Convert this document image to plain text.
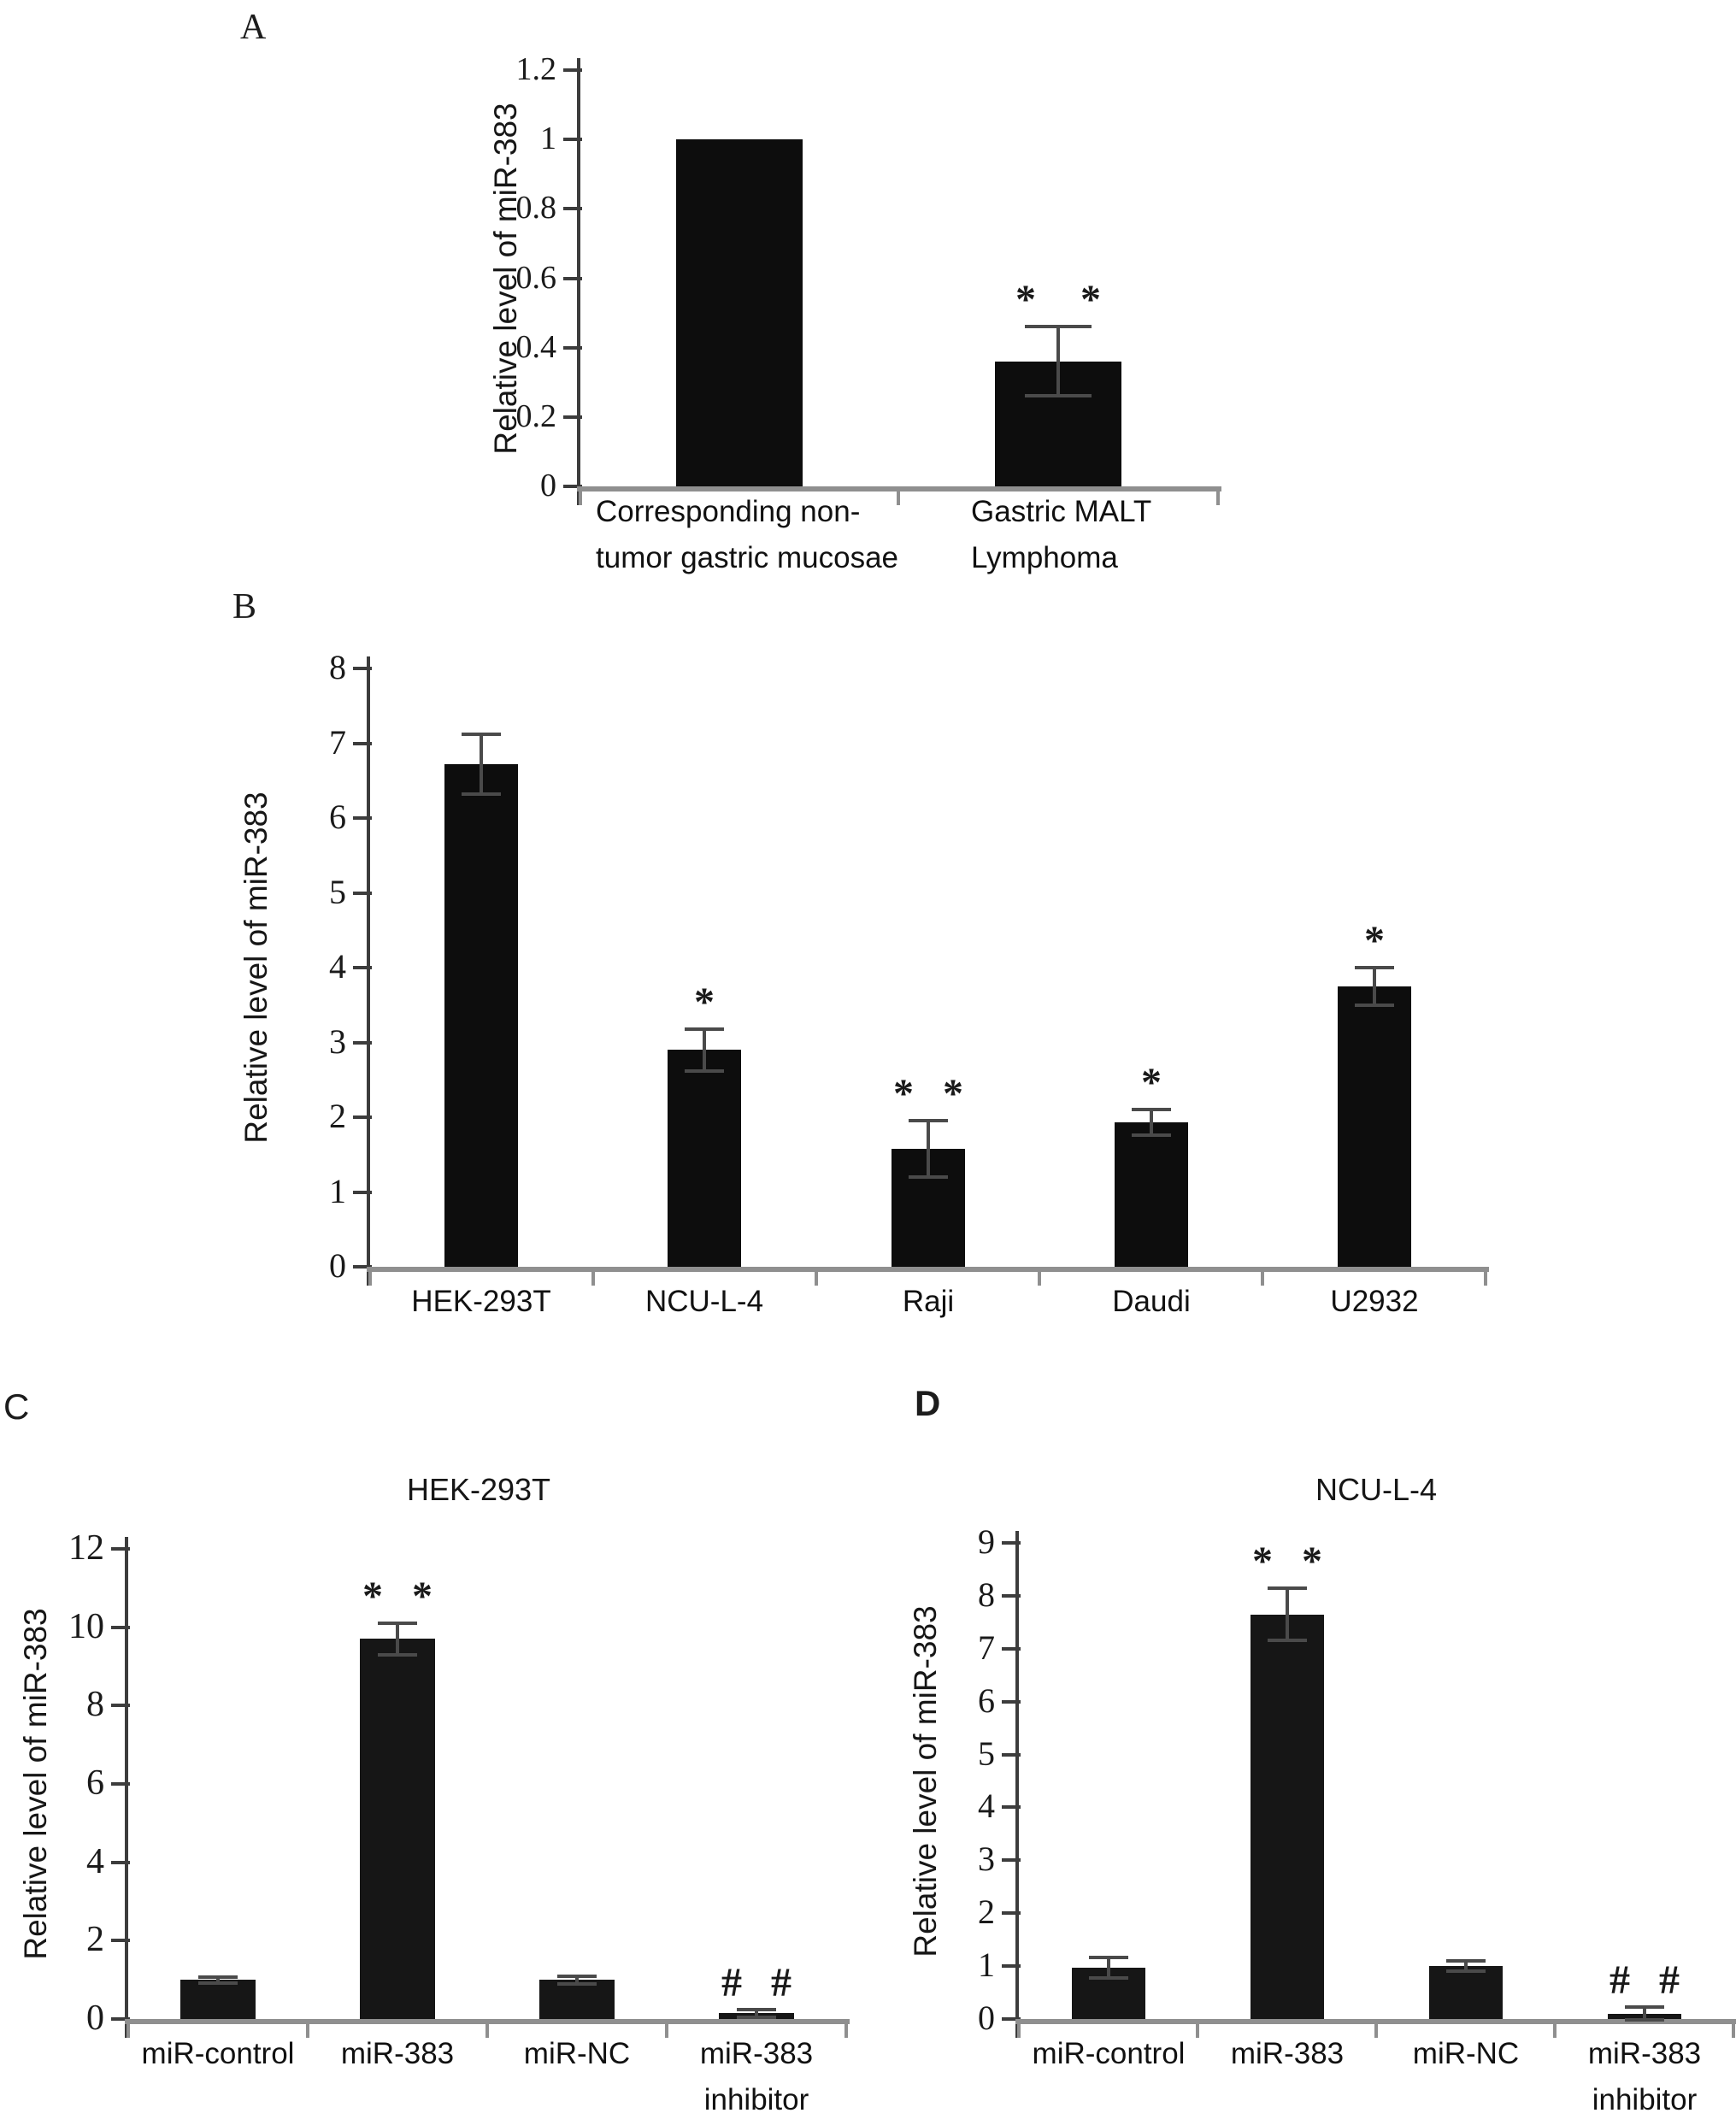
A
B
C	D
HEK-293T	NCU-L-4
0
0.2
0.4
0.6
0.8
1
1.2
Relative level of miR-383
Corresponding non-
tumor gastric mucosae
* *
Gastric MALT
Lymphoma
0
1
2
3
4
5
6
7
8
Relative level of miR-383
HEK-293T
*
NCU-L-4
* *
Raji
*
Daudi
*
U2932
0
2
4
6
8
10
12
Relative level of miR-383
miR-control
* *
miR-383 miR-NC
# #
miR-383
inhibitor
0
1
2
3
4
5
6
7
8
9
Relative level of miR-383
miR-control
* *
miR-383 miR-NC
# #
miR-383
inhibitor
